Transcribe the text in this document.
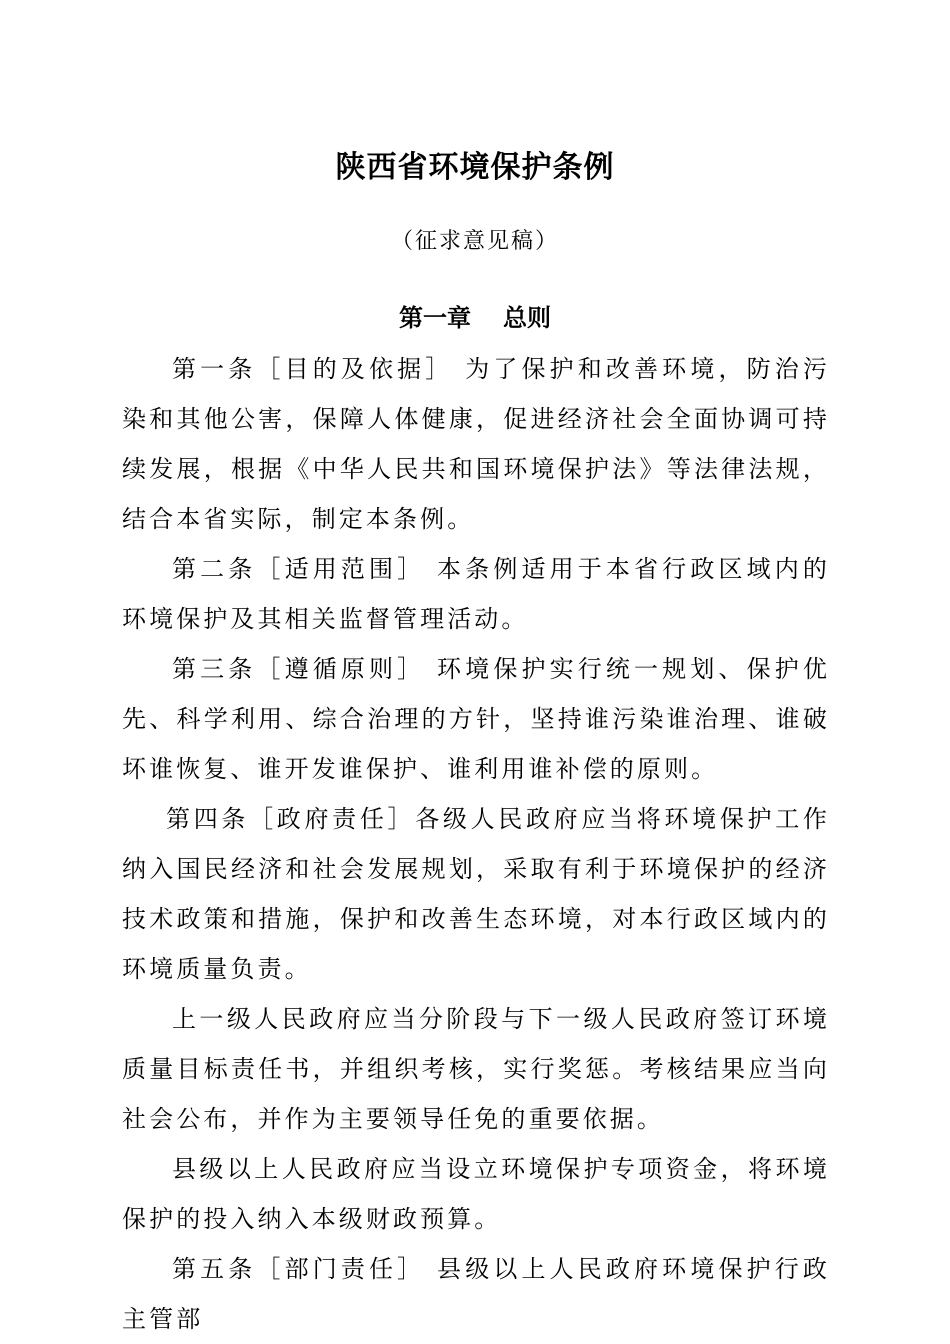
陕西省环境保护条例
（征求意见稿）
第一章 总则

第一条［目的及依据］ 为了保护和改善环境，防治污染和其他公害，保障人体健康，促进经济社会全面协调可持续发展，根据《中华人民共和国环境保护法》等法律法规，结合本省实际，制定本条例。

第二条［适用范围］ 本条例适用于本省行政区域内的环境保护及其相关监督管理活动。

第三条［遵循原则］ 环境保护实行统一规划、保护优先、科学利用、综合治理的方针，坚持谁污染谁治理、谁破坏谁恢复、谁开发谁保护、谁利用谁补偿的原则。

第四条［政府责任］各级人民政府应当将环境保护工作纳入国民经济和社会发展规划，采取有利于环境保护的经济技术政策和措施，保护和改善生态环境，对本行政区域内的环境质量负责。

上一级人民政府应当分阶段与下一级人民政府签订环境质量目标责任书，并组织考核，实行奖惩。考核结果应当向社会公布，并作为主要领导任免的重要依据。

县级以上人民政府应当设立环境保护专项资金，将环境保护的投入纳入本级财政预算。

第五条［部门责任］ 县级以上人民政府环境保护行政主管部
